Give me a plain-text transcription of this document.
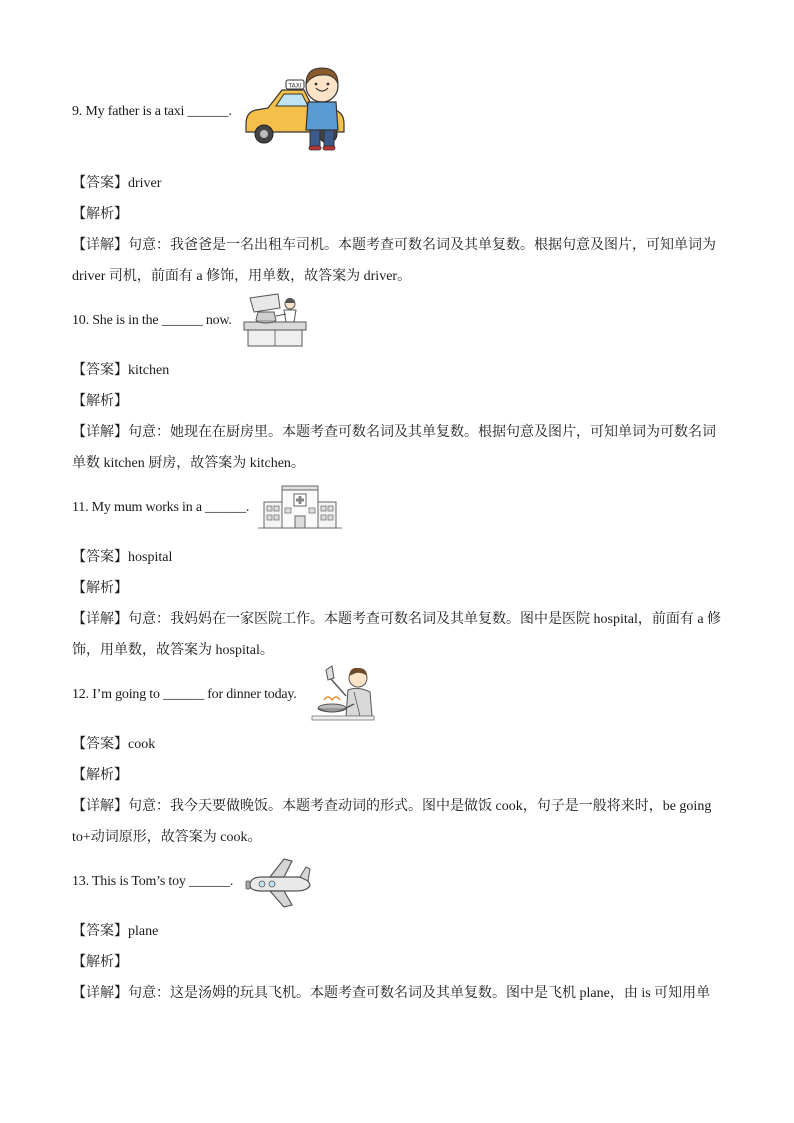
9. My father is a taxi ______.
TAXI
【答案】driver
【解析】
【详解】句意：我爸爸是一名出租车司机。本题考查可数名词及其单复数。根据句意及图片，可知单词为
driver 司机，前面有 a 修饰，用单数，故答案为 driver。
10. She is in the ______ now.
【答案】kitchen
【解析】
【详解】句意：她现在在厨房里。本题考查可数名词及其单复数。根据句意及图片，可知单词为可数名词
单数 kitchen 厨房，故答案为 kitchen。
11. My mum works in a ______.
【答案】hospital
【解析】
【详解】句意：我妈妈在一家医院工作。本题考查可数名词及其单复数。图中是医院 hospital，前面有 a 修
饰，用单数，故答案为 hospital。
12. I’m going to ______ for dinner today.
【答案】cook
【解析】
【详解】句意：我今天要做晚饭。本题考查动词的形式。图中是做饭 cook，句子是一般将来时，be going
to+动词原形，故答案为 cook。
13. This is Tom’s toy ______.
【答案】plane
【解析】
【详解】句意：这是汤姆的玩具飞机。本题考查可数名词及其单复数。图中是飞机 plane，由 is 可知用单
